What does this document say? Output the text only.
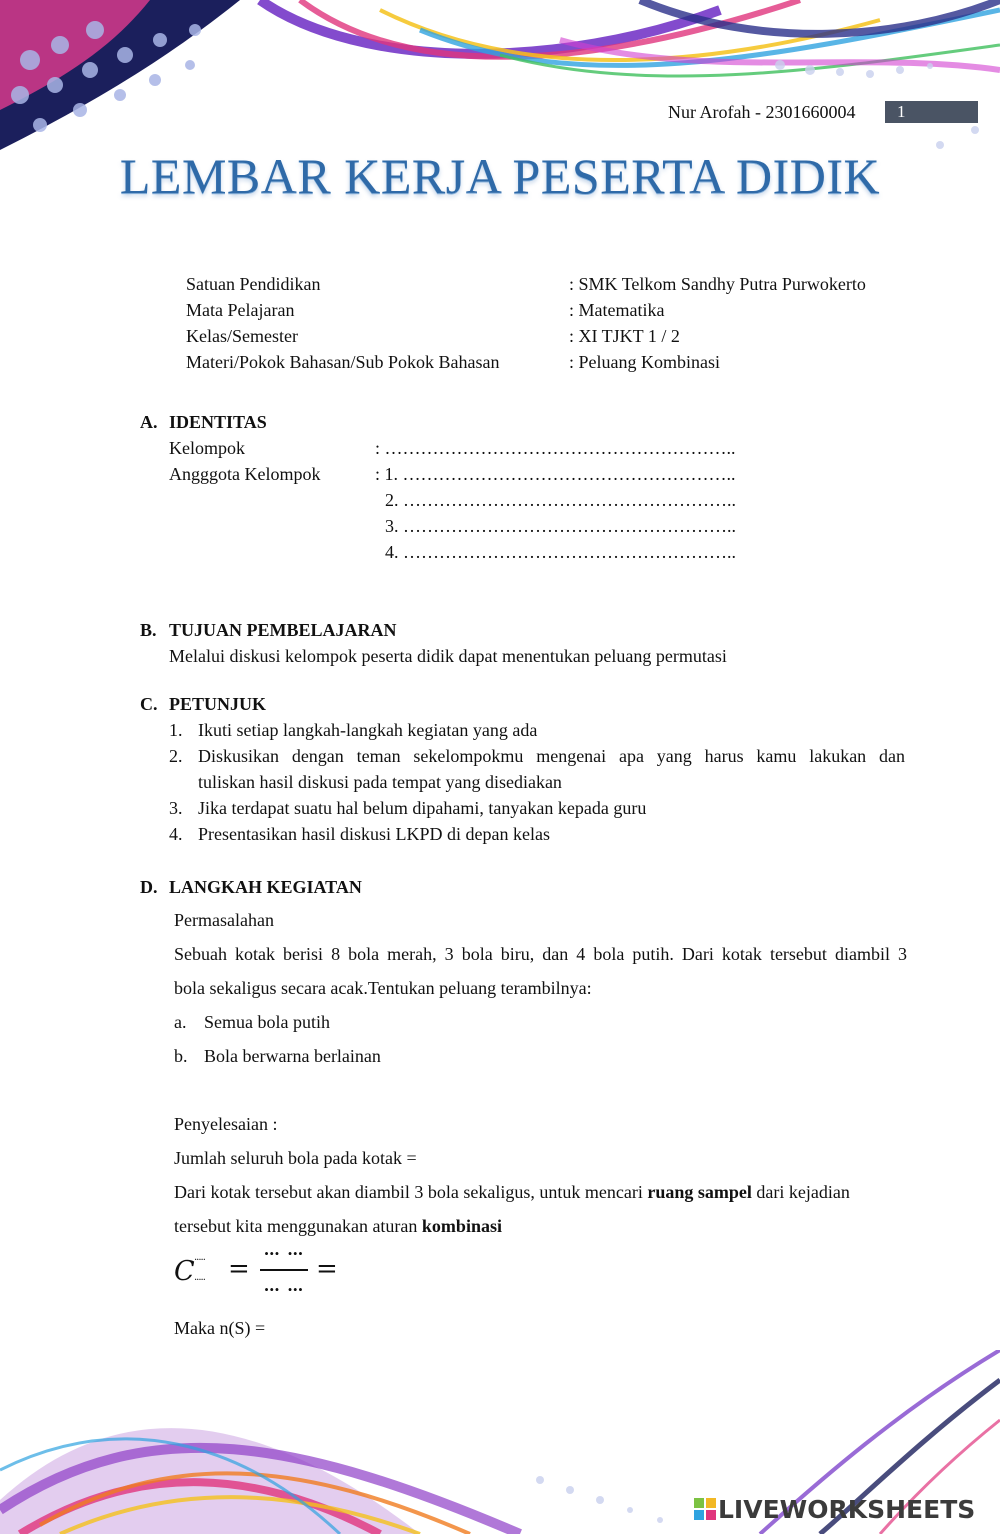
Nur Arofah - 2301660004	1
LEMBAR KERJA PESERTA DIDIK
Satuan Pendidikan	: SMK Telkom Sandhy Putra Purwokerto
Mata Pelajaran	: Matematika
Kelas/Semester	: XI TJKT 1 / 2
Materi/Pokok Bahasan/Sub Pokok Bahasan	: Peluang Kombinasi
A. IDENTITAS
Kelompok	: …………………………………………………..
Angggota Kelompok	: 1. ………………………………………………..
2. ………………………………………………..
3. ………………………………………………..
4. ………………………………………………..
B. TUJUAN PEMBELAJARAN
Melalui diskusi kelompok peserta didik dapat menentukan peluang permutasi
C. PETUNJUK
1. Ikuti setiap langkah-langkah kegiatan yang ada
2. Diskusikan dengan teman sekelompokmu mengenai apa yang harus kamu lakukan dan
tuliskan hasil diskusi pada tempat yang disediakan
3. Jika terdapat suatu hal belum dipahami, tanyakan kepada guru
4. Presentasikan hasil diskusi LKPD di depan kelas
D. LANGKAH KEGIATAN
Permasalahan
Sebuah kotak berisi 8 bola merah, 3 bola biru, dan 4 bola putih. Dari kotak tersebut diambil 3
bola sekaligus secara acak.Tentukan peluang terambilnya:
a. Semua bola putih
b. Bola berwarna berlainan
Penyelesaian :
Jumlah seluruh bola pada kotak =
Dari kotak tersebut akan diambil 3 bola sekaligus, untuk mencari ruang sampel dari kejadian
tersebut kita menggunakan aturan kombinasi
C .....
..... =
… …
… …
=
Maka n(S) =
LIVEWORKSHEETS
